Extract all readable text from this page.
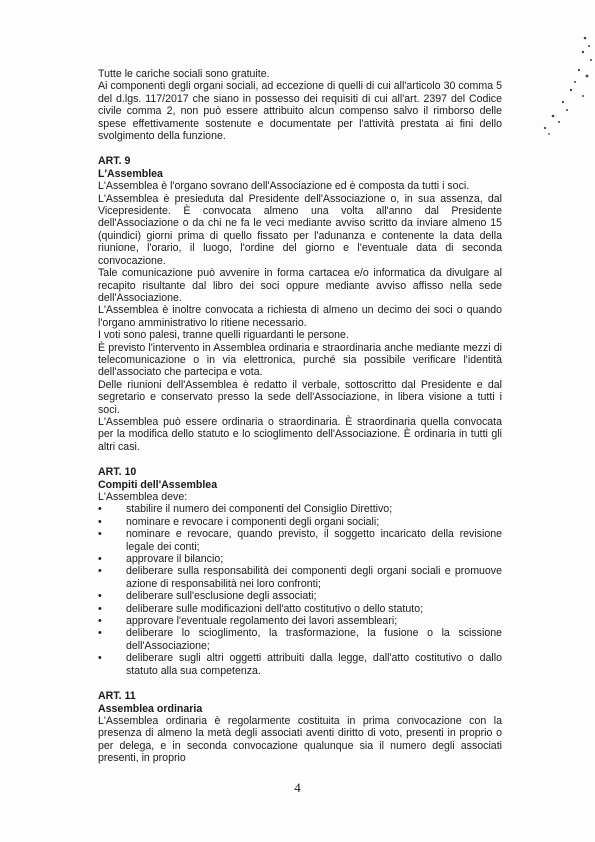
Tutte le cariche sociali sono gratuite.

Ai componenti degli organi sociali, ad eccezione di quelli di cui all'articolo 30 comma 5 del d.lgs. 117/2017 che siano in possesso dei requisiti di cui all'art. 2397 del Codice civile comma 2, non può essere attribuito alcun compenso salvo il rimborso delle spese effettivamente sostenute e documentate per l'attività prestata ai fini dello svolgimento della funzione.

ART. 9

L'Assemblea

L'Assemblea è l'organo sovrano dell'Associazione ed è composta da tutti i soci.

L'Assemblea è presieduta dal Presidente dell'Associazione o, in sua assenza, dal Vicepresidente. È convocata almeno una volta all'anno dal Presidente dell'Associazione o da chi ne fa le veci mediante avviso scritto da inviare almeno 15 (quindici) giorni prima di quello fissato per l'adunanza e contenente la data della riunione, l'orario, il luogo, l'ordine del giorno e l'eventuale data di seconda convocazione.

Tale comunicazione può avvenire in forma cartacea e/o informatica da divulgare al recapito risultante dal libro dei soci oppure mediante avviso affisso nella sede dell'Associazione.

L'Assemblea è inoltre convocata a richiesta di almeno un decimo dei soci o quando l'organo amministrativo lo ritiene necessario.

I voti sono palesi, tranne quelli riguardanti le persone.

È previsto l'intervento in Assemblea ordinaria e straordinaria anche mediante mezzi di telecomunicazione o in via elettronica, purché sia possibile verificare l'identità dell'associato che partecipa e vota.

Delle riunioni dell'Assemblea è redatto il verbale, sottoscritto dal Presidente e dal segretario e conservato presso la sede dell'Associazione, in libera visione a tutti i soci.

L'Assemblea può essere ordinaria o straordinaria. È straordinaria quella convocata per la modifica dello statuto e lo scioglimento dell'Associazione. È ordinaria in tutti gli altri casi.

ART. 10

Compiti dell'Assemblea

L'Assemblea deve:

•	stabilire il numero dei componenti del Consiglio Direttivo;
•	nominare e revocare i componenti degli organi sociali;
•	nominare e revocare, quando previsto, il soggetto incaricato della revisione legale dei conti;
•	approvare il bilancio;
•	deliberare sulla responsabilità dei componenti degli organi sociali e promuove azione di responsabilità nei loro confronti;
•	deliberare sull'esclusione degli associati;
•	deliberare sulle modificazioni dell'atto costitutivo o dello statuto;
•	approvare l'eventuale regolamento dei lavori assembleari;
•	deliberare lo scioglimento, la trasformazione, la fusione o la scissione dell'Associazione;
•	deliberare sugli altri oggetti attribuiti dalla legge, dall'atto costitutivo o dallo statuto alla sua competenza.

ART. 11

Assemblea ordinaria

L'Assemblea ordinaria è regolarmente costituita in prima convocazione con la presenza di almeno la metà degli associati aventi diritto di voto, presenti in proprio o per delega, e in seconda convocazione qualunque sia il numero degli associati presenti, in proprio

4
